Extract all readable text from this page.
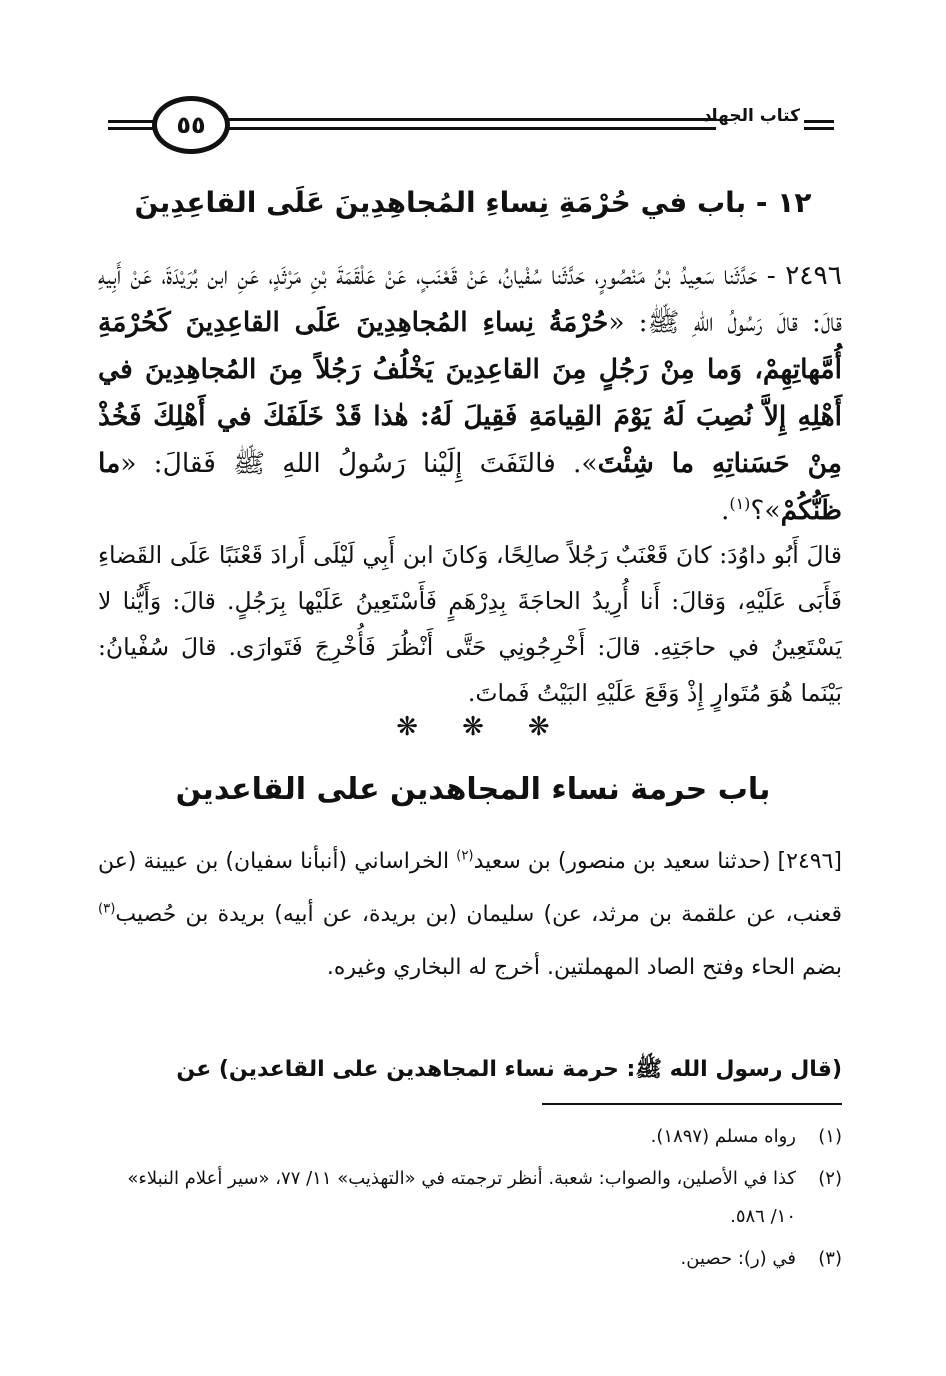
٥٥	كتاب الجهاد
١٢ - باب في حُرْمَةِ نِساءِ المُجاهِدِينَ عَلَى القاعِدِينَ

٢٤٩٦ - حَدَّثَنا سَعِيدُ بْنُ مَنْصُورٍ، حَدَّثَنا سُفْيانُ، عَنْ قَعْنَبٍ، عَنْ عَلْقَمَةَ بْنِ مَرْثَدٍ، عَنِ ابن بُرَيْدَةَ، عَنْ أَبِيهِ قالَ: قالَ رَسُولُ اللهِ ﷺ: «حُرْمَةُ نِساءِ المُجاهِدِينَ عَلَى القاعِدِينَ كَحُرْمَةِ أُمَّهاتِهِمْ، وَما مِنْ رَجُلٍ مِنَ القاعِدِينَ يَخْلُفُ رَجُلاً مِنَ المُجاهِدِينَ في أَهْلِهِ إِلاَّ نُصِبَ لَهُ يَوْمَ القِيامَةِ فَقِيلَ لَهُ: هٰذا قَدْ خَلَفَكَ في أَهْلِكَ فَخُذْ مِنْ حَسَناتِهِ ما شِئْتَ». فالتَفَتَ إِلَيْنا رَسُولُ اللهِ ﷺ فَقالَ: «ما ظَنُّكُمْ»؟$^{(١)}$.

قالَ أَبُو داوُدَ: كانَ قَعْنَبٌ رَجُلاً صالِحًا، وَكانَ ابن أَبِي لَيْلَى أَرادَ قَعْنَبًا عَلَى القَضاءِ فَأَبَى عَلَيْهِ، وَقالَ: أَنا أُرِيدُ الحاجَةَ بِدِرْهَمٍ فَأَسْتَعِينُ عَلَيْها بِرَجُلٍ. قالَ: وَأَيُّنا لا يَسْتَعِينُ في حاجَتِهِ. قالَ: أَخْرِجُونِي حَتَّى أَنْظُرَ فَأُخْرِجَ فَتَوارَى. قالَ سُفْيانُ: بَيْنَما هُوَ مُتَوارٍ إِذْ وَقَعَ عَلَيْهِ البَيْتُ فَماتَ.

❋❋❋
باب حرمة نساء المجاهدين على القاعدين

[٢٤٩٦] (حدثنا سعيد بن منصور) بن سعيد$^{(٢)}$ الخراساني (أنبأنا سفيان) بن عيينة (عن قعنب، عن علقمة بن مرثد، عن) سليمان (بن بريدة، عن أبيه) بريدة بن حُصيب$^{(٣)}$ بضم الحاء وفتح الصاد المهملتين. أخرج له البخاري وغيره.

(قال رسول الله ﷺ: حرمة نساء المجاهدين على القاعدين) عن

(١)
رواه مسلم (١٨٩٧).
(٢)
كذا في الأصلين، والصواب: شعبة. أنظر ترجمته في «التهذيب» ١١/ ٧٧، «سير أعلام النبلاء» ١٠/ ٥٨٦.
(٣)
في (ر): حصين.
